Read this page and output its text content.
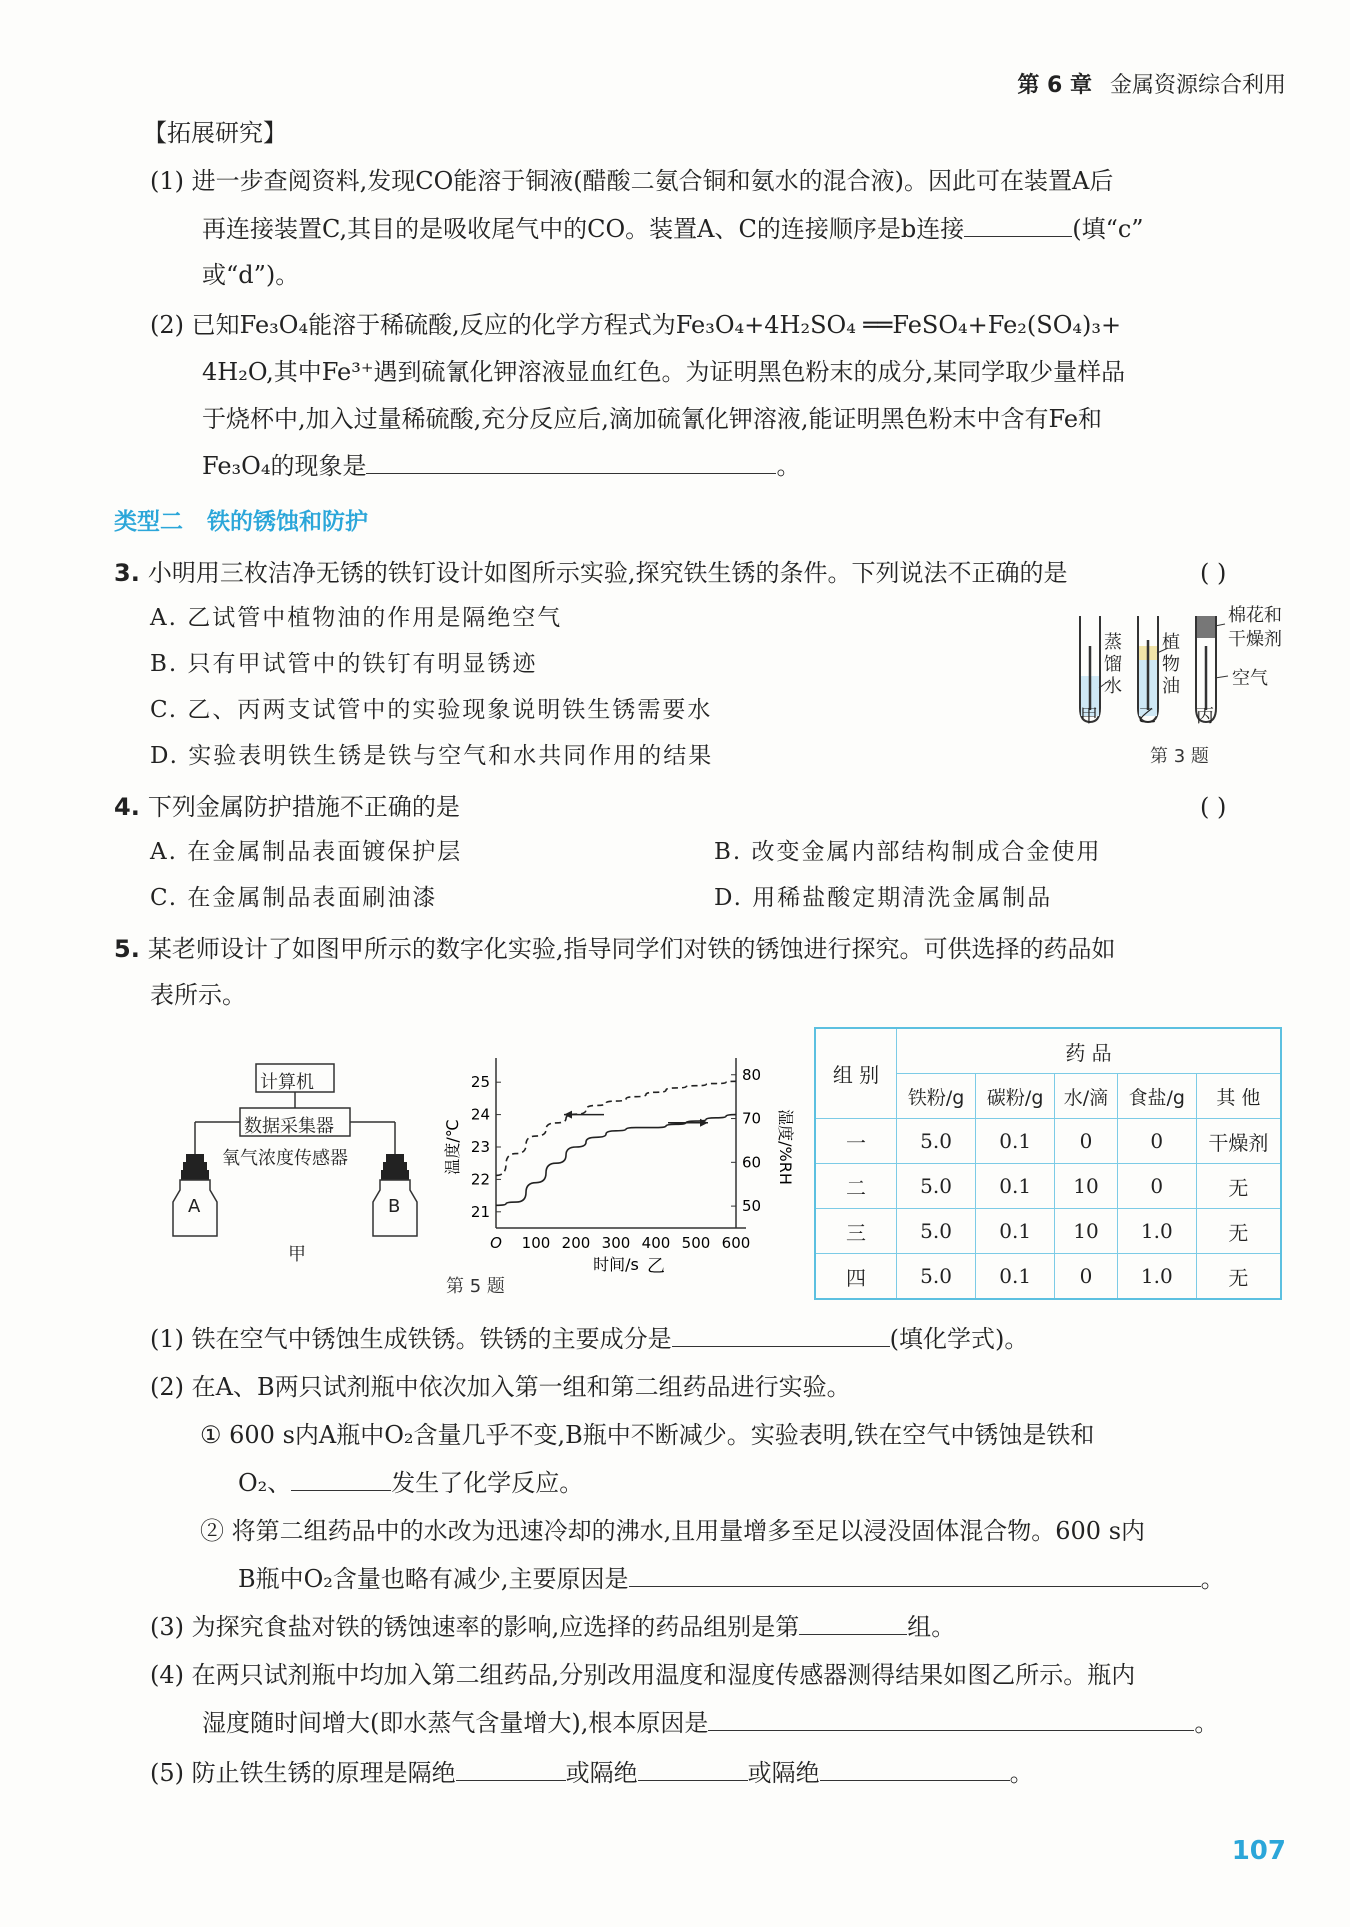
第 6 章 金属资源综合利用
【拓展研究】
(1) 进一步查阅资料,发现CO能溶于铜液(醋酸二氨合铜和氨水的混合液)。因此可在装置A后
再连接装置C,其目的是吸收尾气中的CO。装置A、C的连接顺序是b连接	(填“c”
或“d”)。
(2) 已知Fe₃O₄能溶于稀硫酸,反应的化学方程式为Fe₃O₄+4H₂SO₄ ══FeSO₄+Fe₂(SO₄)₃+
4H₂O,其中Fe³⁺遇到硫氰化钾溶液显血红色。为证明黑色粉末的成分,某同学取少量样品
于烧杯中,加入过量稀硫酸,充分反应后,滴加硫氰化钾溶液,能证明黑色粉末中含有Fe和
Fe₃O₄的现象是	。
类型二 铁的锈蚀和防护
3. 小明用三枚洁净无锈的铁钉设计如图所示实验,探究铁生锈的条件。下列说法不正确的是	( )
A. 乙试管中植物油的作用是隔绝空气
B. 只有甲试管中的铁钉有明显锈迹
C. 乙、丙两支试管中的实验现象说明铁生锈需要水
D. 实验表明铁生锈是铁与空气和水共同作用的结果
蒸馏水
植物油
棉花和
干燥剂
空气
甲 乙 丙
第 3 题
4. 下列金属防护措施不正确的是	( )
A. 在金属制品表面镀保护层	B. 改变金属内部结构制成合金使用
C. 在金属制品表面刷油漆	D. 用稀盐酸定期清洗金属制品
5. 某老师设计了如图甲所示的数字化实验,指导同学们对铁的锈蚀进行探究。可供选择的药品如
表所示。
计算机
数据采集器
氧气浓度传感器
A	B
甲
21
22
23
24
25
50
60
70
80
O 100 200 300 400 500 600
时间/s
温度/℃	湿度/%RH
乙
第 5 题
组 别	药 品				
	铁粉/g	碳粉/g	水/滴	食盐/g	其 他
一	5.0	0.1	0	0	干燥剂
二	5.0	0.1	10	0	无
三	5.0	0.1	10	1.0	无
四	5.0	0.1	0	1.0	无
(1) 铁在空气中锈蚀生成铁锈。铁锈的主要成分是	(填化学式)。
(2) 在A、B两只试剂瓶中依次加入第一组和第二组药品进行实验。
① 600 s内A瓶中O₂含量几乎不变,B瓶中不断减少。实验表明,铁在空气中锈蚀是铁和
O₂、	发生了化学反应。
② 将第二组药品中的水改为迅速冷却的沸水,且用量增多至足以浸没固体混合物。600 s内
B瓶中O₂含量也略有减少,主要原因是	。
(3) 为探究食盐对铁的锈蚀速率的影响,应选择的药品组别是第	组。
(4) 在两只试剂瓶中均加入第二组药品,分别改用温度和湿度传感器测得结果如图乙所示。瓶内
湿度随时间增大(即水蒸气含量增大),根本原因是	。
(5) 防止铁生锈的原理是隔绝	或隔绝	或隔绝	。
107
